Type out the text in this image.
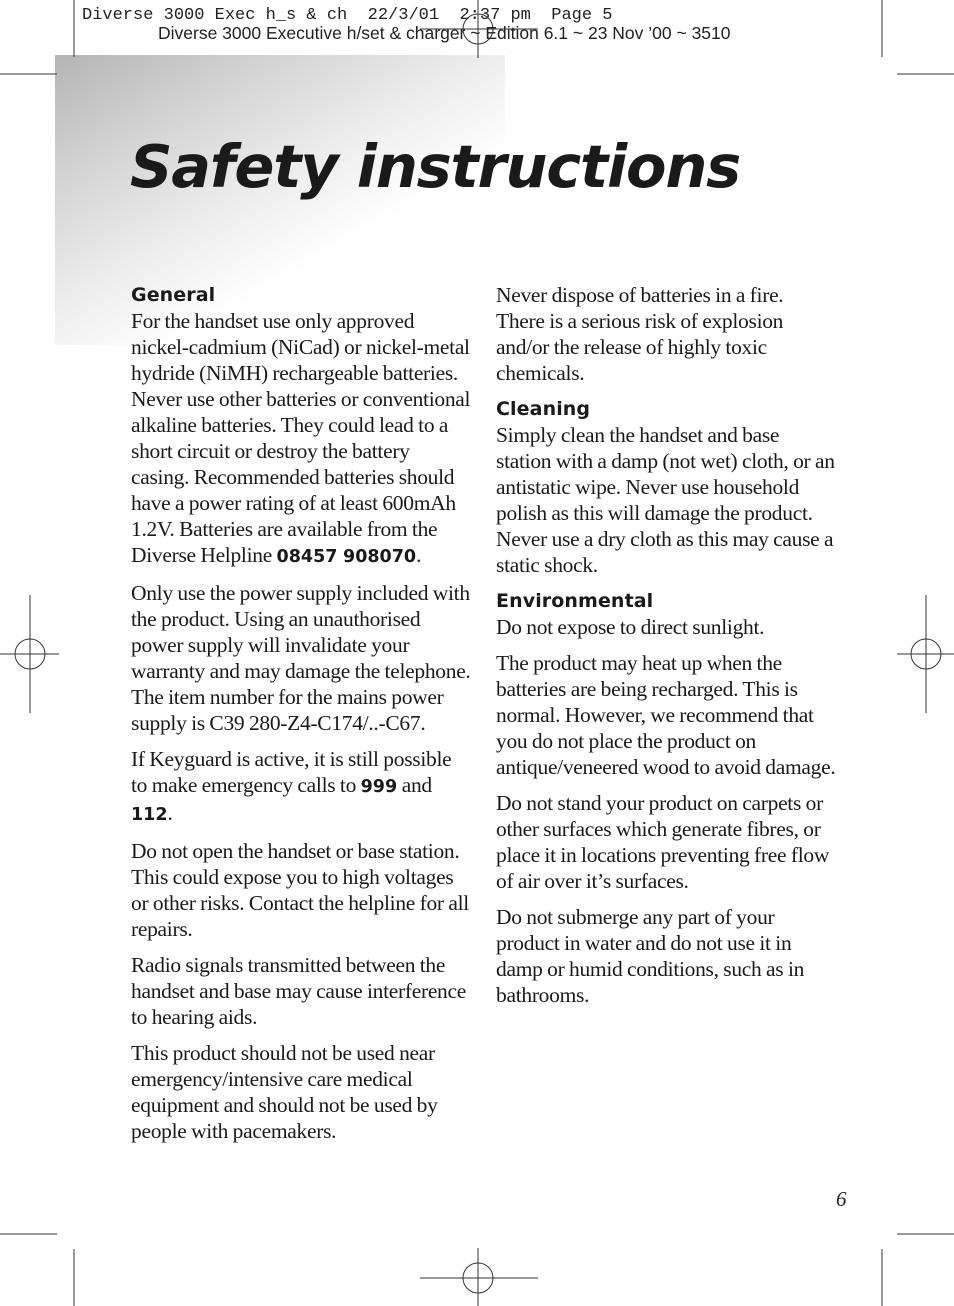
Diverse 3000 Exec h_s & ch  22/3/01  2:37 pm  Page 5
Diverse 3000 Executive h/set & charger ~ Edition 6.1 ~ 23 Nov ’00 ~ 3510
Safety instructions
General

For the handset use only approved nickel-cadmium (NiCad) or nickel-metal hydride (NiMH) rechargeable batteries. Never use other batteries or conventional alkaline batteries. They could lead to a short circuit or destroy the battery casing. Recommended batteries should have a power rating of at least 600mAh 1.2V. Batteries are available from the Diverse Helpline 08457 908070.

Only use the power supply included with the product. Using an unauthorised power supply will invalidate your warranty and may damage the telephone. The item number for the mains power supply is C39 280-Z4-C174/..-C67.

If Keyguard is active, it is still possible to make emergency calls to 999 and 112.

Do not open the handset or base station. This could expose you to high voltages or other risks. Contact the helpline for all repairs.

Radio signals transmitted between the handset and base may cause interference to hearing aids.

This product should not be used near emergency/intensive care medical equipment and should not be used by people with pacemakers.

Never dispose of batteries in a fire. There is a serious risk of explosion and/or the release of highly toxic chemicals.

Cleaning

Simply clean the handset and base station with a damp (not wet) cloth, or an antistatic wipe. Never use household polish as this will damage the product. Never use a dry cloth as this may cause a static shock.

Environmental

Do not expose to direct sunlight.

The product may heat up when the batteries are being recharged. This is normal. However, we recommend that you do not place the product on antique/veneered wood to avoid damage.

Do not stand your product on carpets or other surfaces which generate fibres, or place it in locations preventing free flow of air over it’s surfaces.

Do not submerge any part of your product in water and do not use it in damp or humid conditions, such as in bathrooms.

6
